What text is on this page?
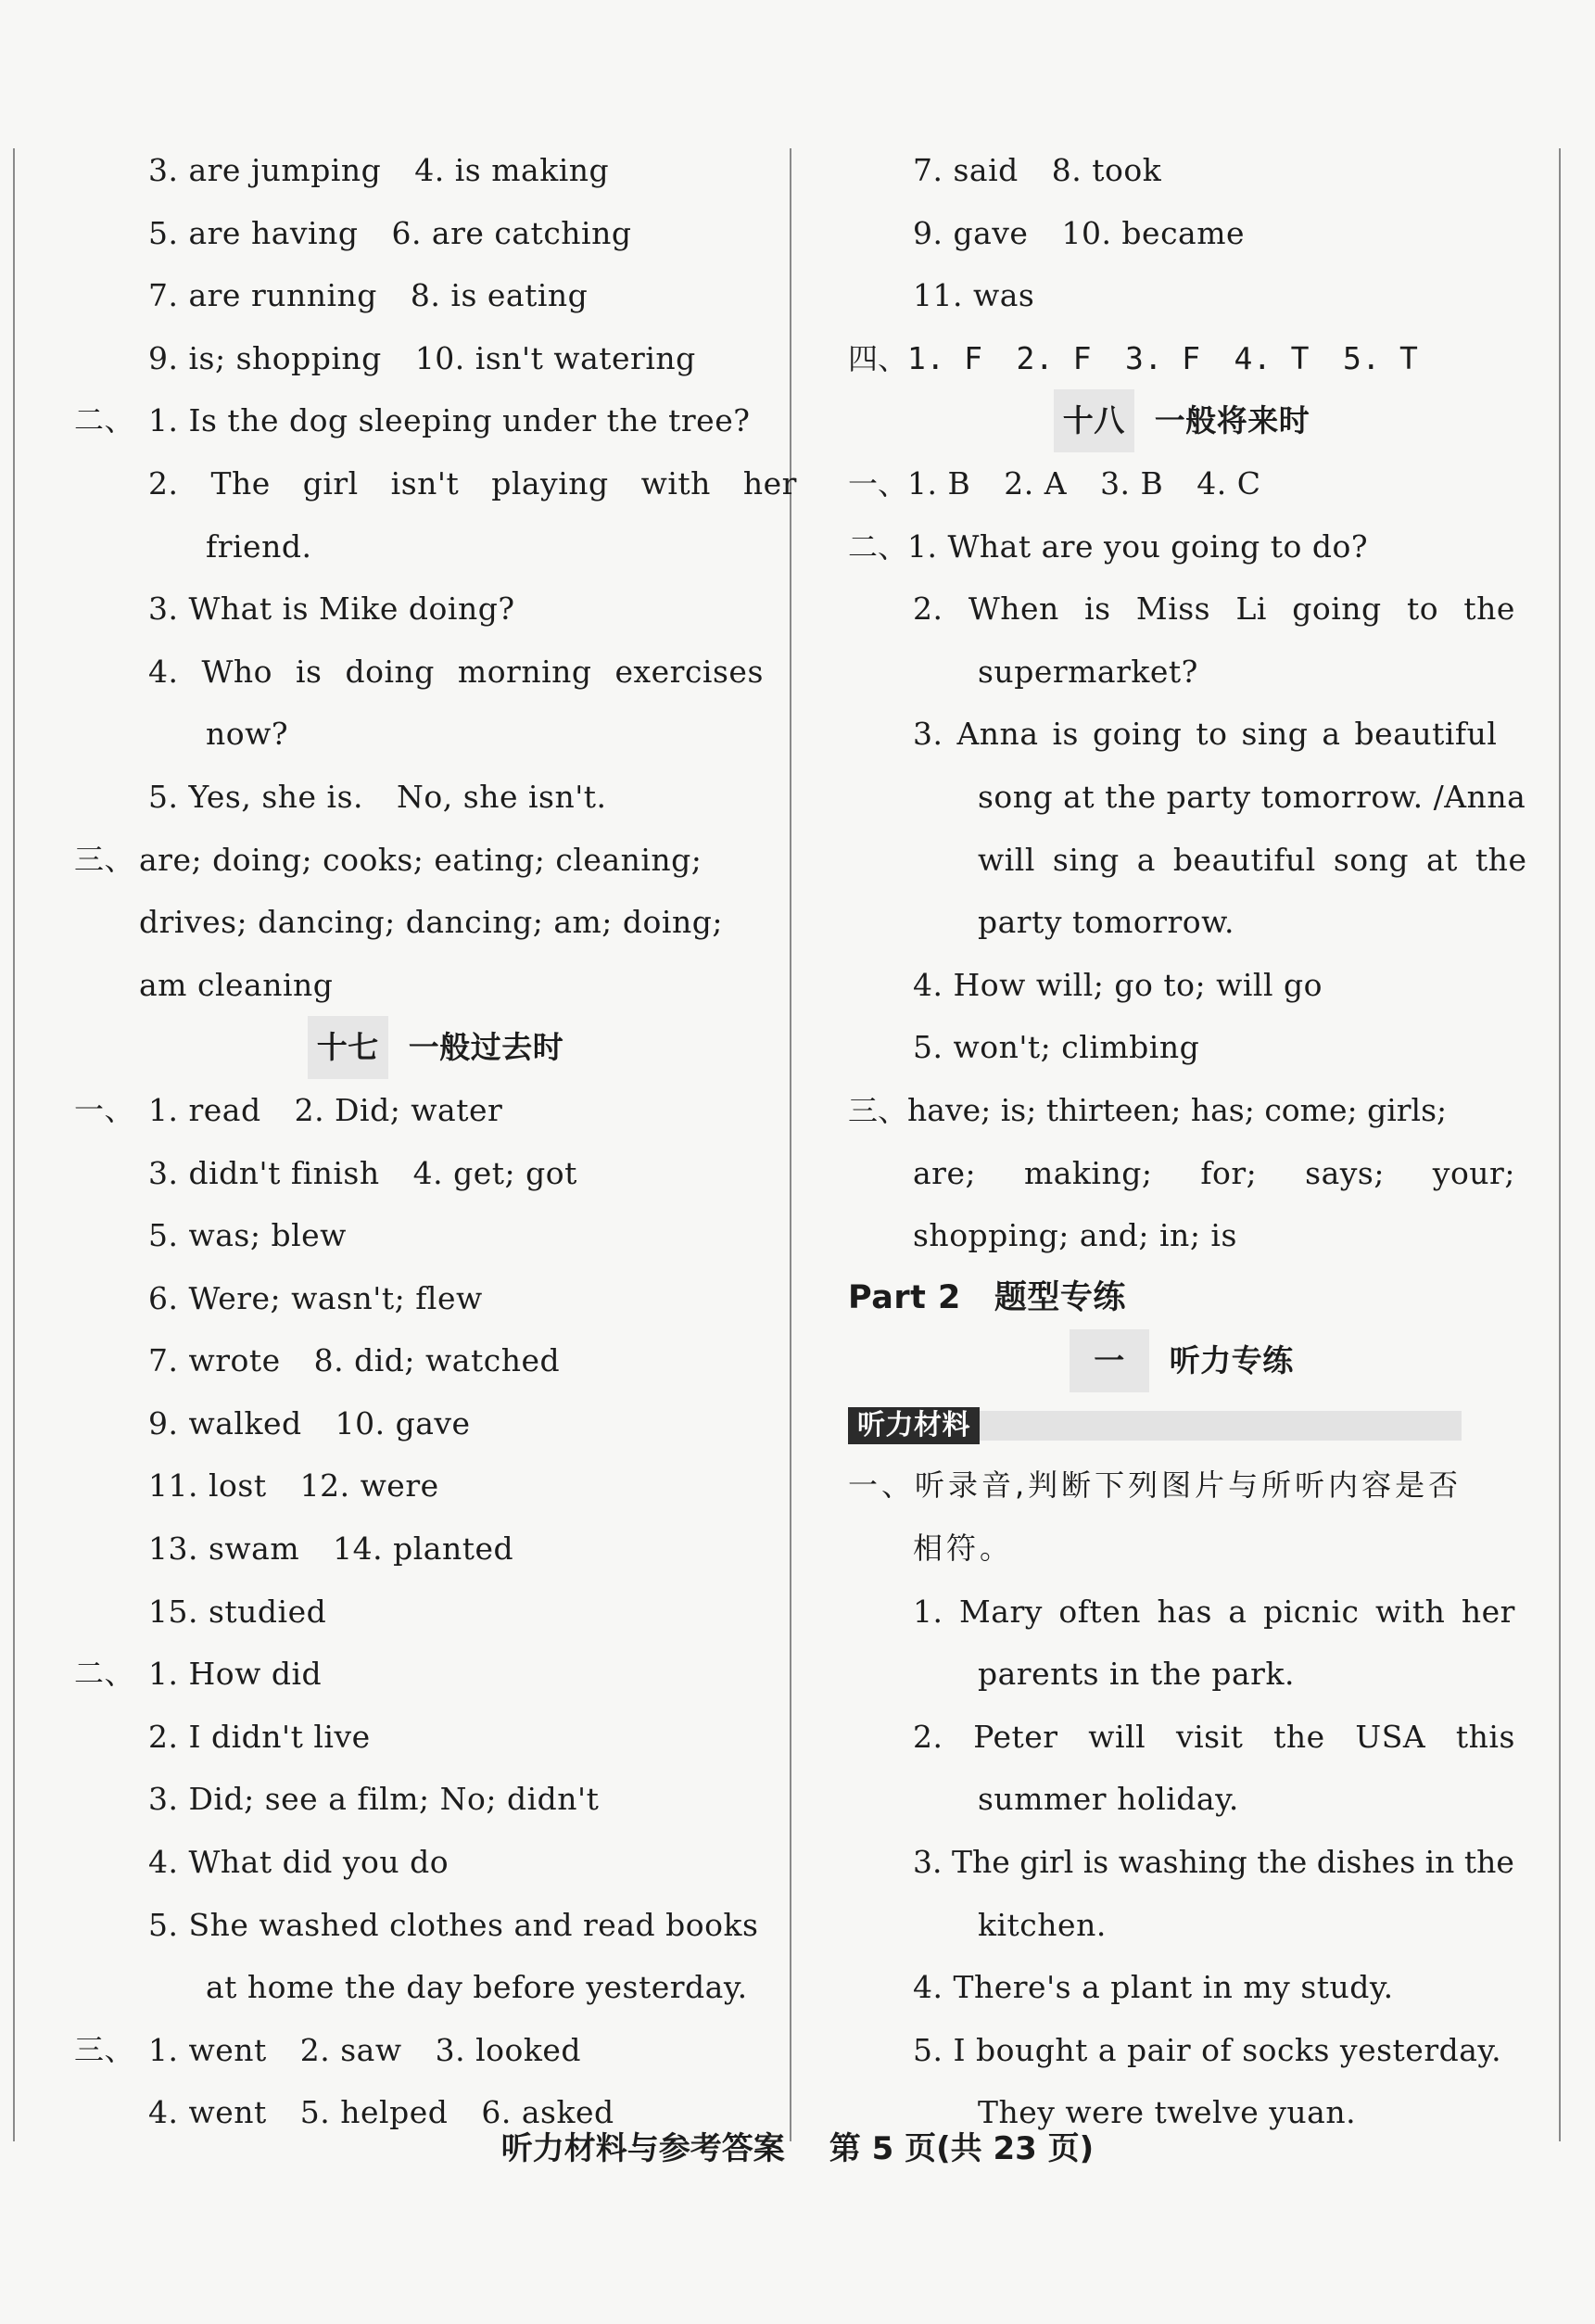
3. are jumping 4. is making
5. are having 6. are catching
7. are running 8. is eating
9. is; shopping 10. isn't watering
二、 1. Is the dog sleeping under the tree?
2. The girl isn't playing with her
friend.
3. What is Mike doing?
4. Who is doing morning exercises
now?
5. Yes, she is. No, she isn't.
三、 are; doing; cooks; eating; cleaning;
drives; dancing; dancing; am; doing;
am cleaning
十七 一般过去时
一、 1. read 2. Did; water
3. didn't finish 4. get; got
5. was; blew
6. Were; wasn't; flew
7. wrote 8. did; watched
9. walked 10. gave
11. lost 12. were
13. swam 14. planted
15. studied
二、 1. How did
2. I didn't live
3. Did; see a film; No; didn't
4. What did you do
5. She washed clothes and read books
at home the day before yesterday.
三、 1. went 2. saw 3. looked
4. went 5. helped 6. asked
7. said 8. took
9. gave 10. became
11. was
四、1. F 2. F 3. F 4. T 5. T
十八 一般将来时
一、1. B 2. A 3. B 4. C
二、1. What are you going to do?
2. When is Miss Li going to the
supermarket?
3. Anna is going to sing a beautiful
song at the party tomorrow. /Anna
will sing a beautiful song at the
party tomorrow.
4. How will; go to; will go
5. won't; climbing
三、have; is; thirteen; has; come; girls;
are; making; for; says; your;
shopping; and; in; is
Part 2 题型专练
一 听力专练
听力材料
一、听录音,判断下列图片与所听内容是否
相符。
1. Mary often has a picnic with her
parents in the park.
2. Peter will visit the USA this
summer holiday.
3. The girl is washing the dishes in the
kitchen.
4. There's a plant in my study.
5. I bought a pair of socks yesterday.
They were twelve yuan.
听力材料与参考答案 第 5 页(共 23 页)
